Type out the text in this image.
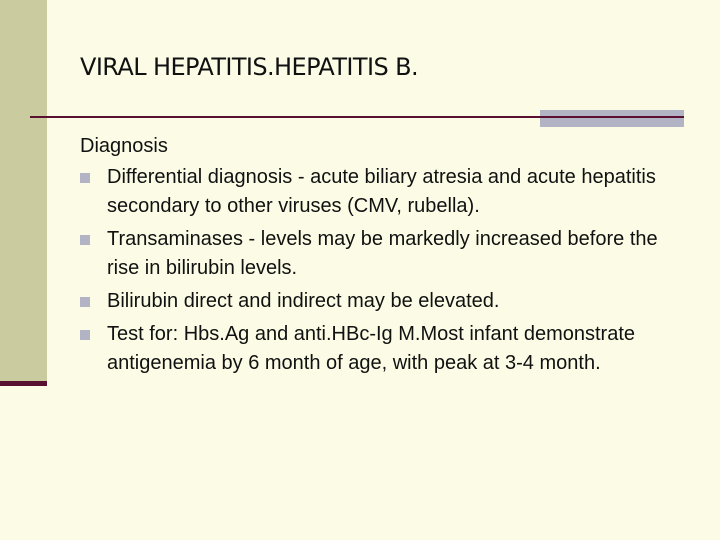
VIRAL HEPATITIS.HEPATITIS B.
Diagnosis
Differential diagnosis - acute biliary atresia and acute hepatitis secondary to other viruses (CMV, rubella).
Transaminases - levels may be markedly increased before the rise in bilirubin levels.
Bilirubin direct and indirect may be elevated.
Test for: Hbs.Ag and anti.HBc-Ig M.Most infant demonstrate antigenemia by 6 month of age, with peak at 3-4 month.
